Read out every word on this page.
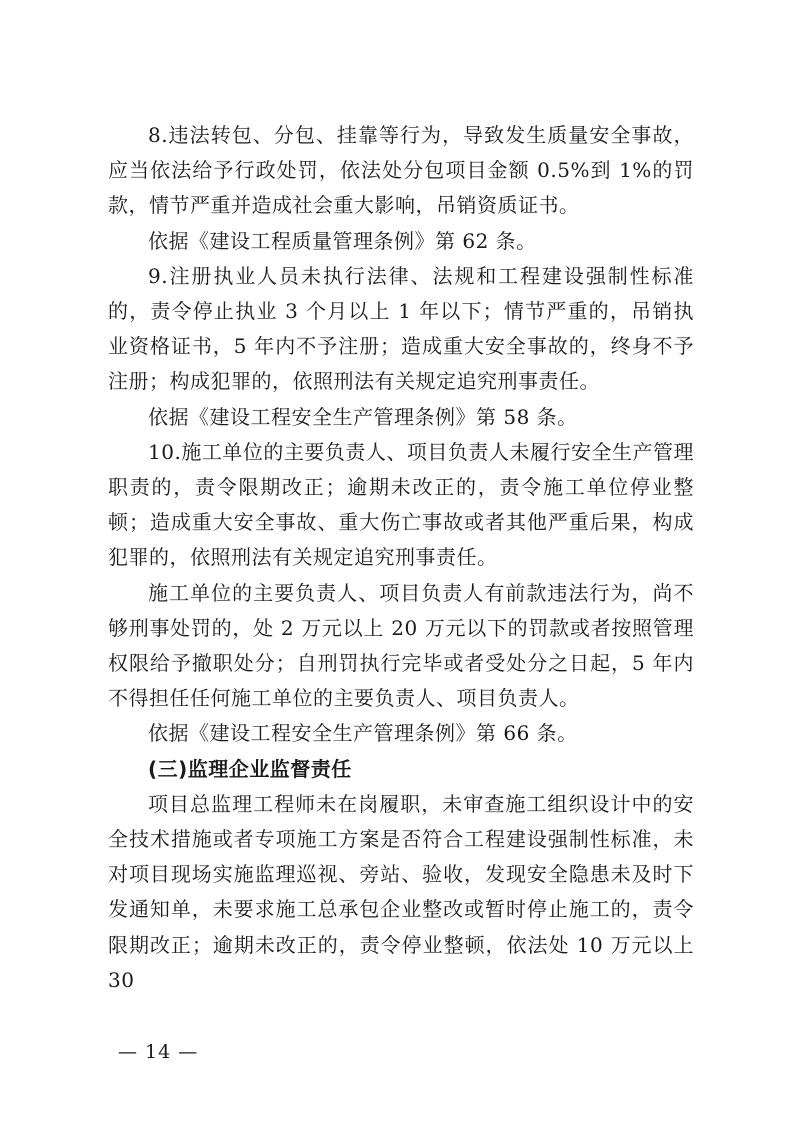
8.违法转包、分包、挂靠等行为，导致发生质量安全事故，应当依法给予行政处罚，依法处分包项目金额 0.5%到 1%的罚款，情节严重并造成社会重大影响，吊销资质证书。

依据《建设工程质量管理条例》第 62 条。

9.注册执业人员未执行法律、法规和工程建设强制性标准的，责令停止执业 3 个月以上 1 年以下；情节严重的，吊销执业资格证书，5 年内不予注册；造成重大安全事故的，终身不予注册；构成犯罪的，依照刑法有关规定追究刑事责任。

依据《建设工程安全生产管理条例》第 58 条。

10.施工单位的主要负责人、项目负责人未履行安全生产管理职责的，责令限期改正；逾期未改正的，责令施工单位停业整顿；造成重大安全事故、重大伤亡事故或者其他严重后果，构成犯罪的，依照刑法有关规定追究刑事责任。

施工单位的主要负责人、项目负责人有前款违法行为，尚不够刑事处罚的，处 2 万元以上 20 万元以下的罚款或者按照管理权限给予撤职处分；自刑罚执行完毕或者受处分之日起，5 年内不得担任任何施工单位的主要负责人、项目负责人。

依据《建设工程安全生产管理条例》第 66 条。

(三)监理企业监督责任

项目总监理工程师未在岗履职，未审查施工组织设计中的安全技术措施或者专项施工方案是否符合工程建设强制性标准，未对项目现场实施监理巡视、旁站、验收，发现安全隐患未及时下发通知单，未要求施工总承包企业整改或暂时停止施工的，责令限期改正；逾期未改正的，责令停业整顿，依法处 10 万元以上 30

— 14 —
